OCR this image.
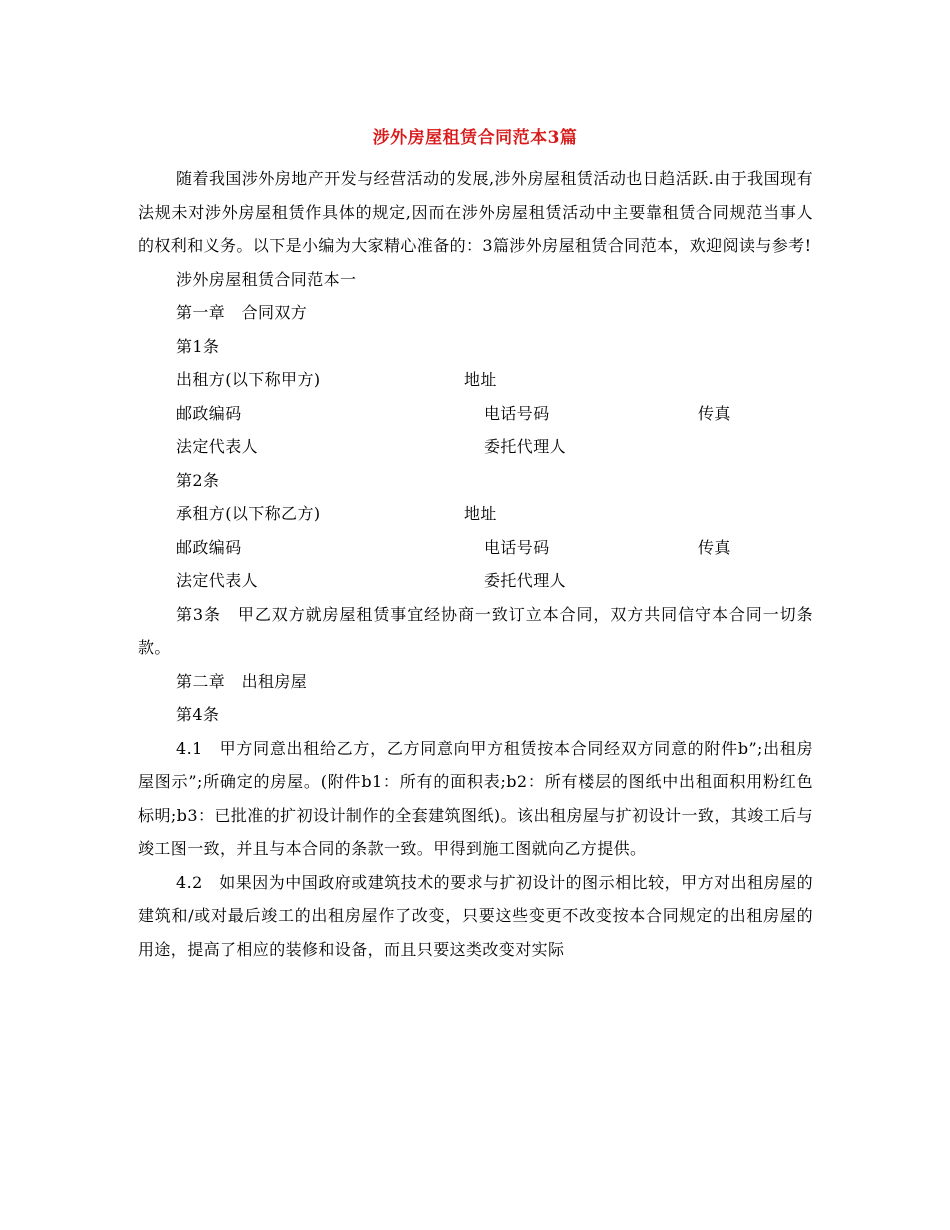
涉外房屋租赁合同范本3篇

随着我国涉外房地产开发与经营活动的发展,涉外房屋租赁活动也日趋活跃.由于我国现有法规未对涉外房屋租赁作具体的规定,因而在涉外房屋租赁活动中主要靠租赁合同规范当事人的权利和义务。以下是小编为大家精心准备的：3篇涉外房屋租赁合同范本，欢迎阅读与参考!

涉外房屋租赁合同范本一
第一章　合同双方
第1条
出租方(以下称甲方)	地址
邮政编码	电话号码	传真
法定代表人	委托代理人
第2条
承租方(以下称乙方)	地址
邮政编码	电话号码	传真
法定代表人	委托代理人

第3条　甲乙双方就房屋租赁事宜经协商一致订立本合同，双方共同信守本合同一切条款。

第二章　出租房屋
第4条

4.1　甲方同意出租给乙方，乙方同意向甲方租赁按本合同经双方同意的附件b”;出租房屋图示”;所确定的房屋。(附件b1：所有的面积表;b2：所有楼层的图纸中出租面积用粉红色标明;b3：已批准的扩初设计制作的全套建筑图纸)。该出租房屋与扩初设计一致，其竣工后与竣工图一致，并且与本合同的条款一致。甲得到施工图就向乙方提供。

4.2　如果因为中国政府或建筑技术的要求与扩初设计的图示相比较，甲方对出租房屋的建筑和/或对最后竣工的出租房屋作了改变，只要这些变更不改变按本合同规定的出租房屋的用途，提高了相应的装修和设备，而且只要这类改变对实际
